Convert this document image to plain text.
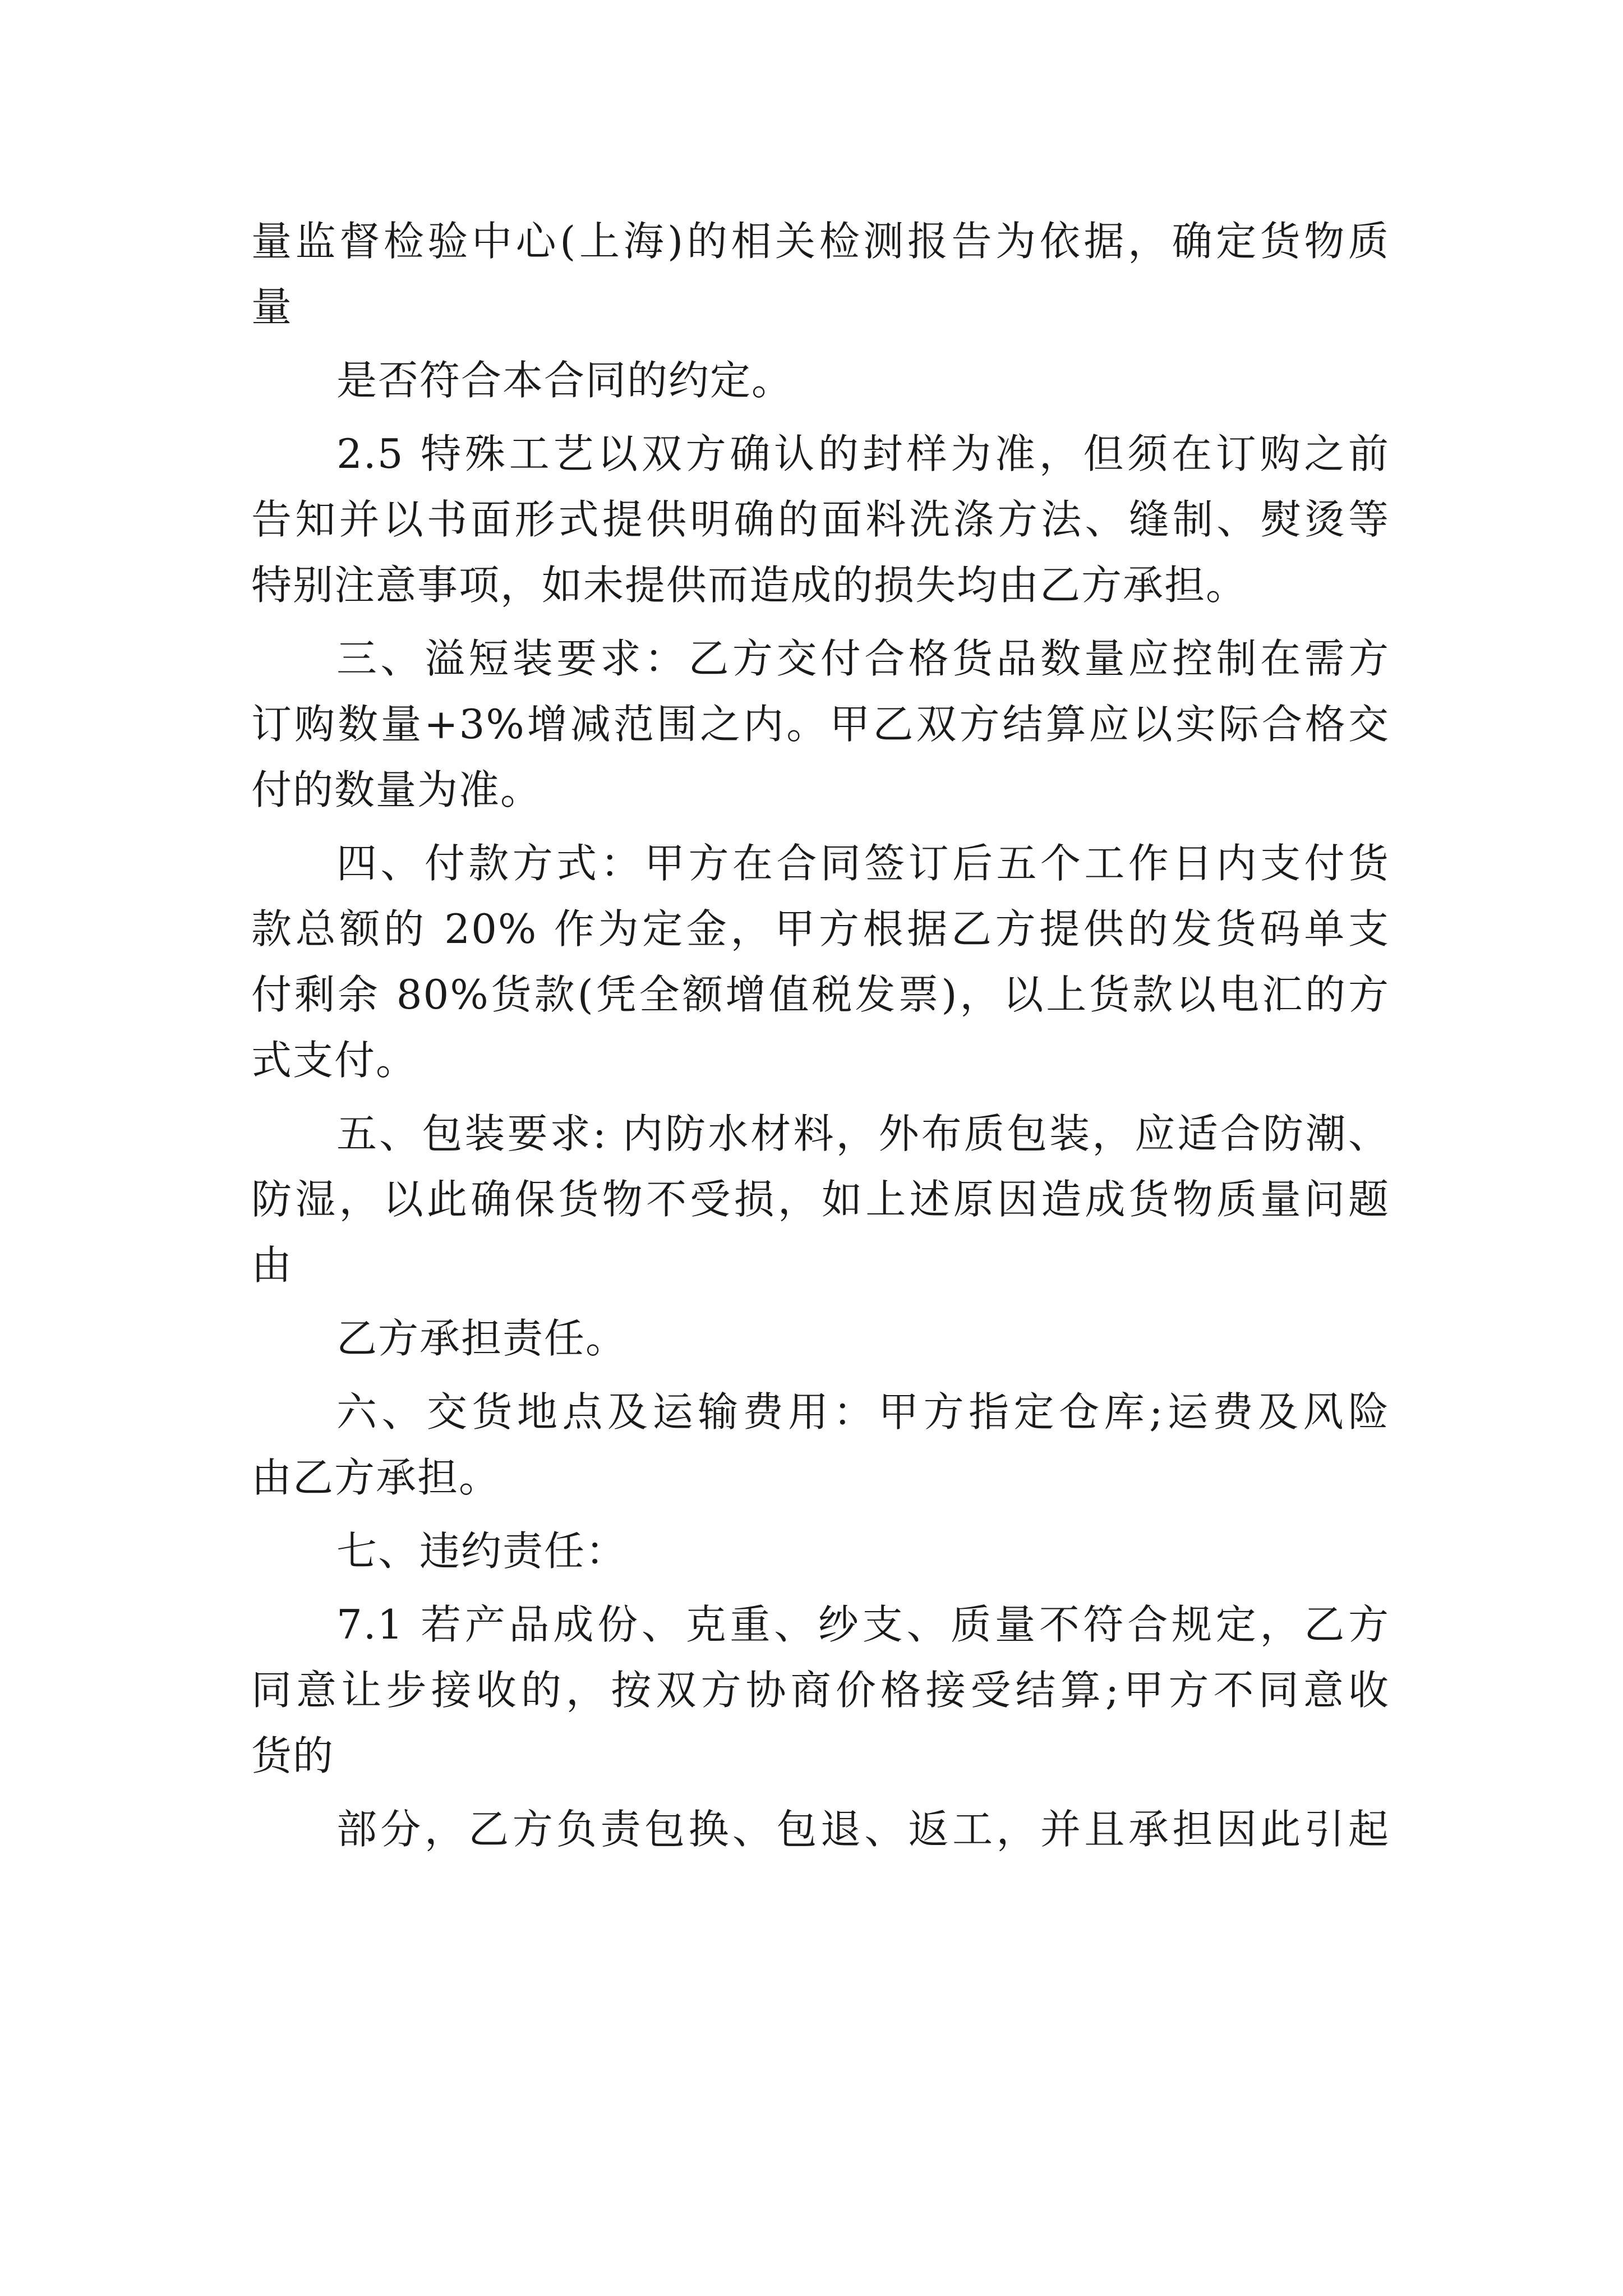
量监督检验中心(上海)的相关检测报告为依据，确定货物质
量
是否符合本合同的约定。
2.5 特殊工艺以双方确认的封样为准，但须在订购之前
告知并以书面形式提供明确的面料洗涤方法、缝制、熨烫等
特别注意事项，如未提供而造成的损失均由乙方承担。
三、溢短装要求：乙方交付合格货品数量应控制在需方
订购数量+3%增减范围之内。甲乙双方结算应以实际合格交
付的数量为准。
四、付款方式：甲方在合同签订后五个工作日内支付货
款总额的 20% 作为定金，甲方根据乙方提供的发货码单支
付剩余 80%货款(凭全额增值税发票)，以上货款以电汇的方
式支付。
五、包装要求: 内防水材料，外布质包装，应适合防潮、
防湿，以此确保货物不受损，如上述原因造成货物质量问题
由
乙方承担责任。
六、交货地点及运输费用：甲方指定仓库;运费及风险
由乙方承担。
七、违约责任：
7.1 若产品成份、克重、纱支、质量不符合规定，乙方
同意让步接收的，按双方协商价格接受结算;甲方不同意收
货的
部分，乙方负责包换、包退、返工，并且承担因此引起
